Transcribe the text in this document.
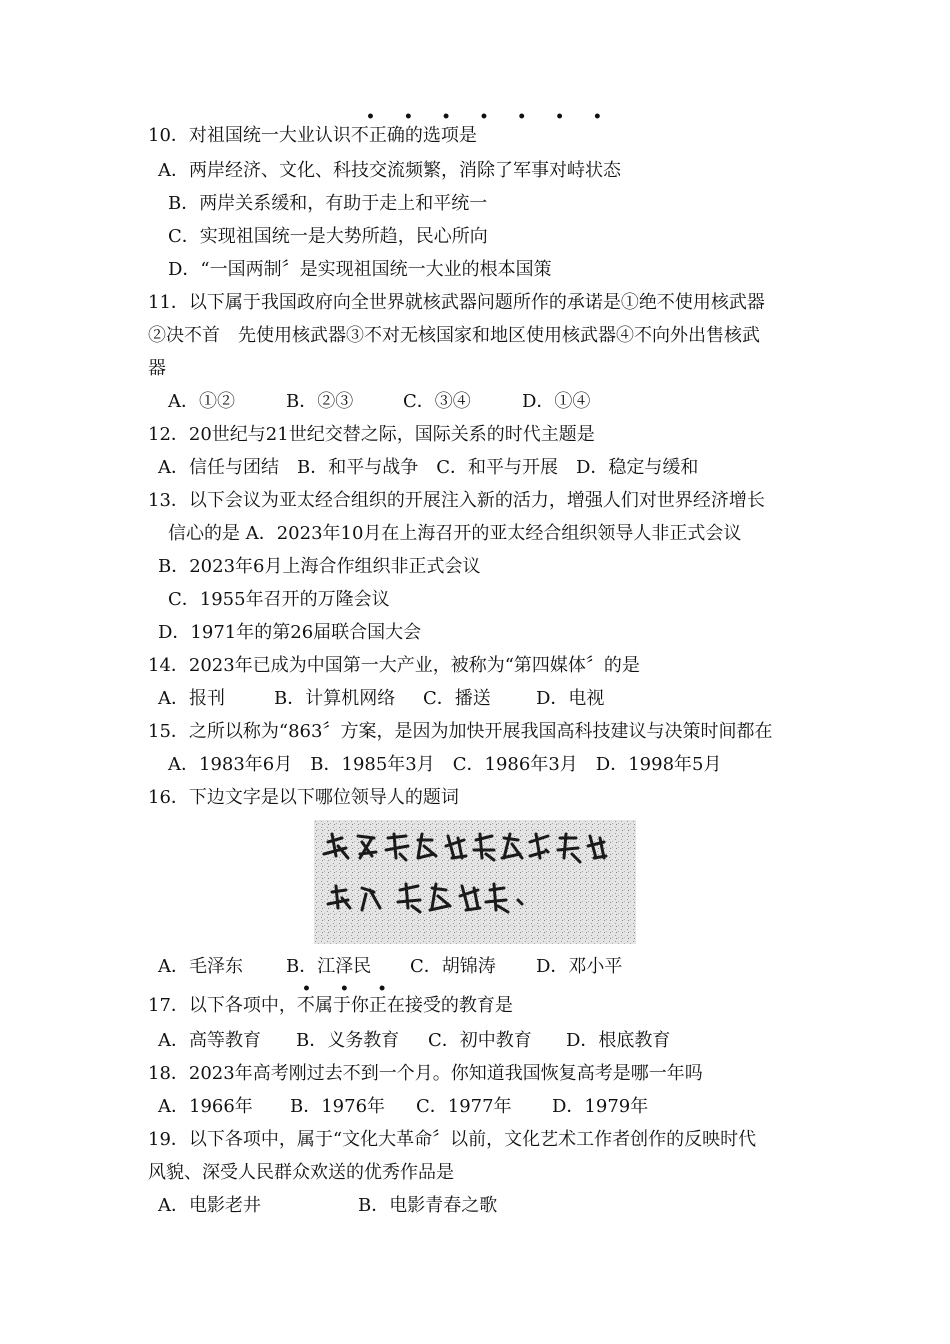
• • • • • • •
10．对祖国统一大业认识不正确的选项是
A．两岸经济、文化、科技交流频繁，消除了军事对峙状态
B．两岸关系缓和，有助于走上和平统一
C．实现祖国统一是大势所趋，民心所向
D．“一国两制〞是实现祖国统一大业的根本国策
11．以下属于我国政府向全世界就核武器问题所作的承诺是①绝不使用核武器
②决不首　先使用核武器③不对无核国家和地区使用核武器④不向外出售核武
器
A．①②	B．②③	C．③④	D．①④
12．20世纪与21世纪交替之际，国际关系的时代主题是
A．信任与团结　B．和平与战争　C．和平与开展　D．稳定与缓和
13．以下会议为亚太经合组织的开展注入新的活力，增强人们对世界经济增长
信心的是 A．2023年10月在上海召开的亚太经合组织领导人非正式会议
B．2023年6月上海合作组织非正式会议
C．1955年召开的万隆会议
D．1971年的第26届联合国大会
14．2023年已成为中国第一大产业，被称为“第四媒体〞的是
A．报刊	B．计算机网络 C．播送	D．电视
15．之所以称为“863〞方案，是因为加快开展我国高科技建议与决策时间都在
A．1983年6月　B．1985年3月　C．1986年3月　D．1998年5月
16．下边文字是以下哪位领导人的题词
A．毛泽东 B．江泽民 C．胡锦涛 D．邓小平
• • •
17．以下各项中，不属于你正在接受的教育是
A．高等教育 B．义务教育 C．初中教育 D．根底教育
18．2023年高考刚过去不到一个月。你知道我国恢复高考是哪一年吗
A．1966年 B．1976年 C．1977年 D．1979年
19．以下各项中，属于“文化大革命〞以前，文化艺术工作者创作的反映时代
风貌、深受人民群众欢送的优秀作品是
A．电影老井	B．电影青春之歌
